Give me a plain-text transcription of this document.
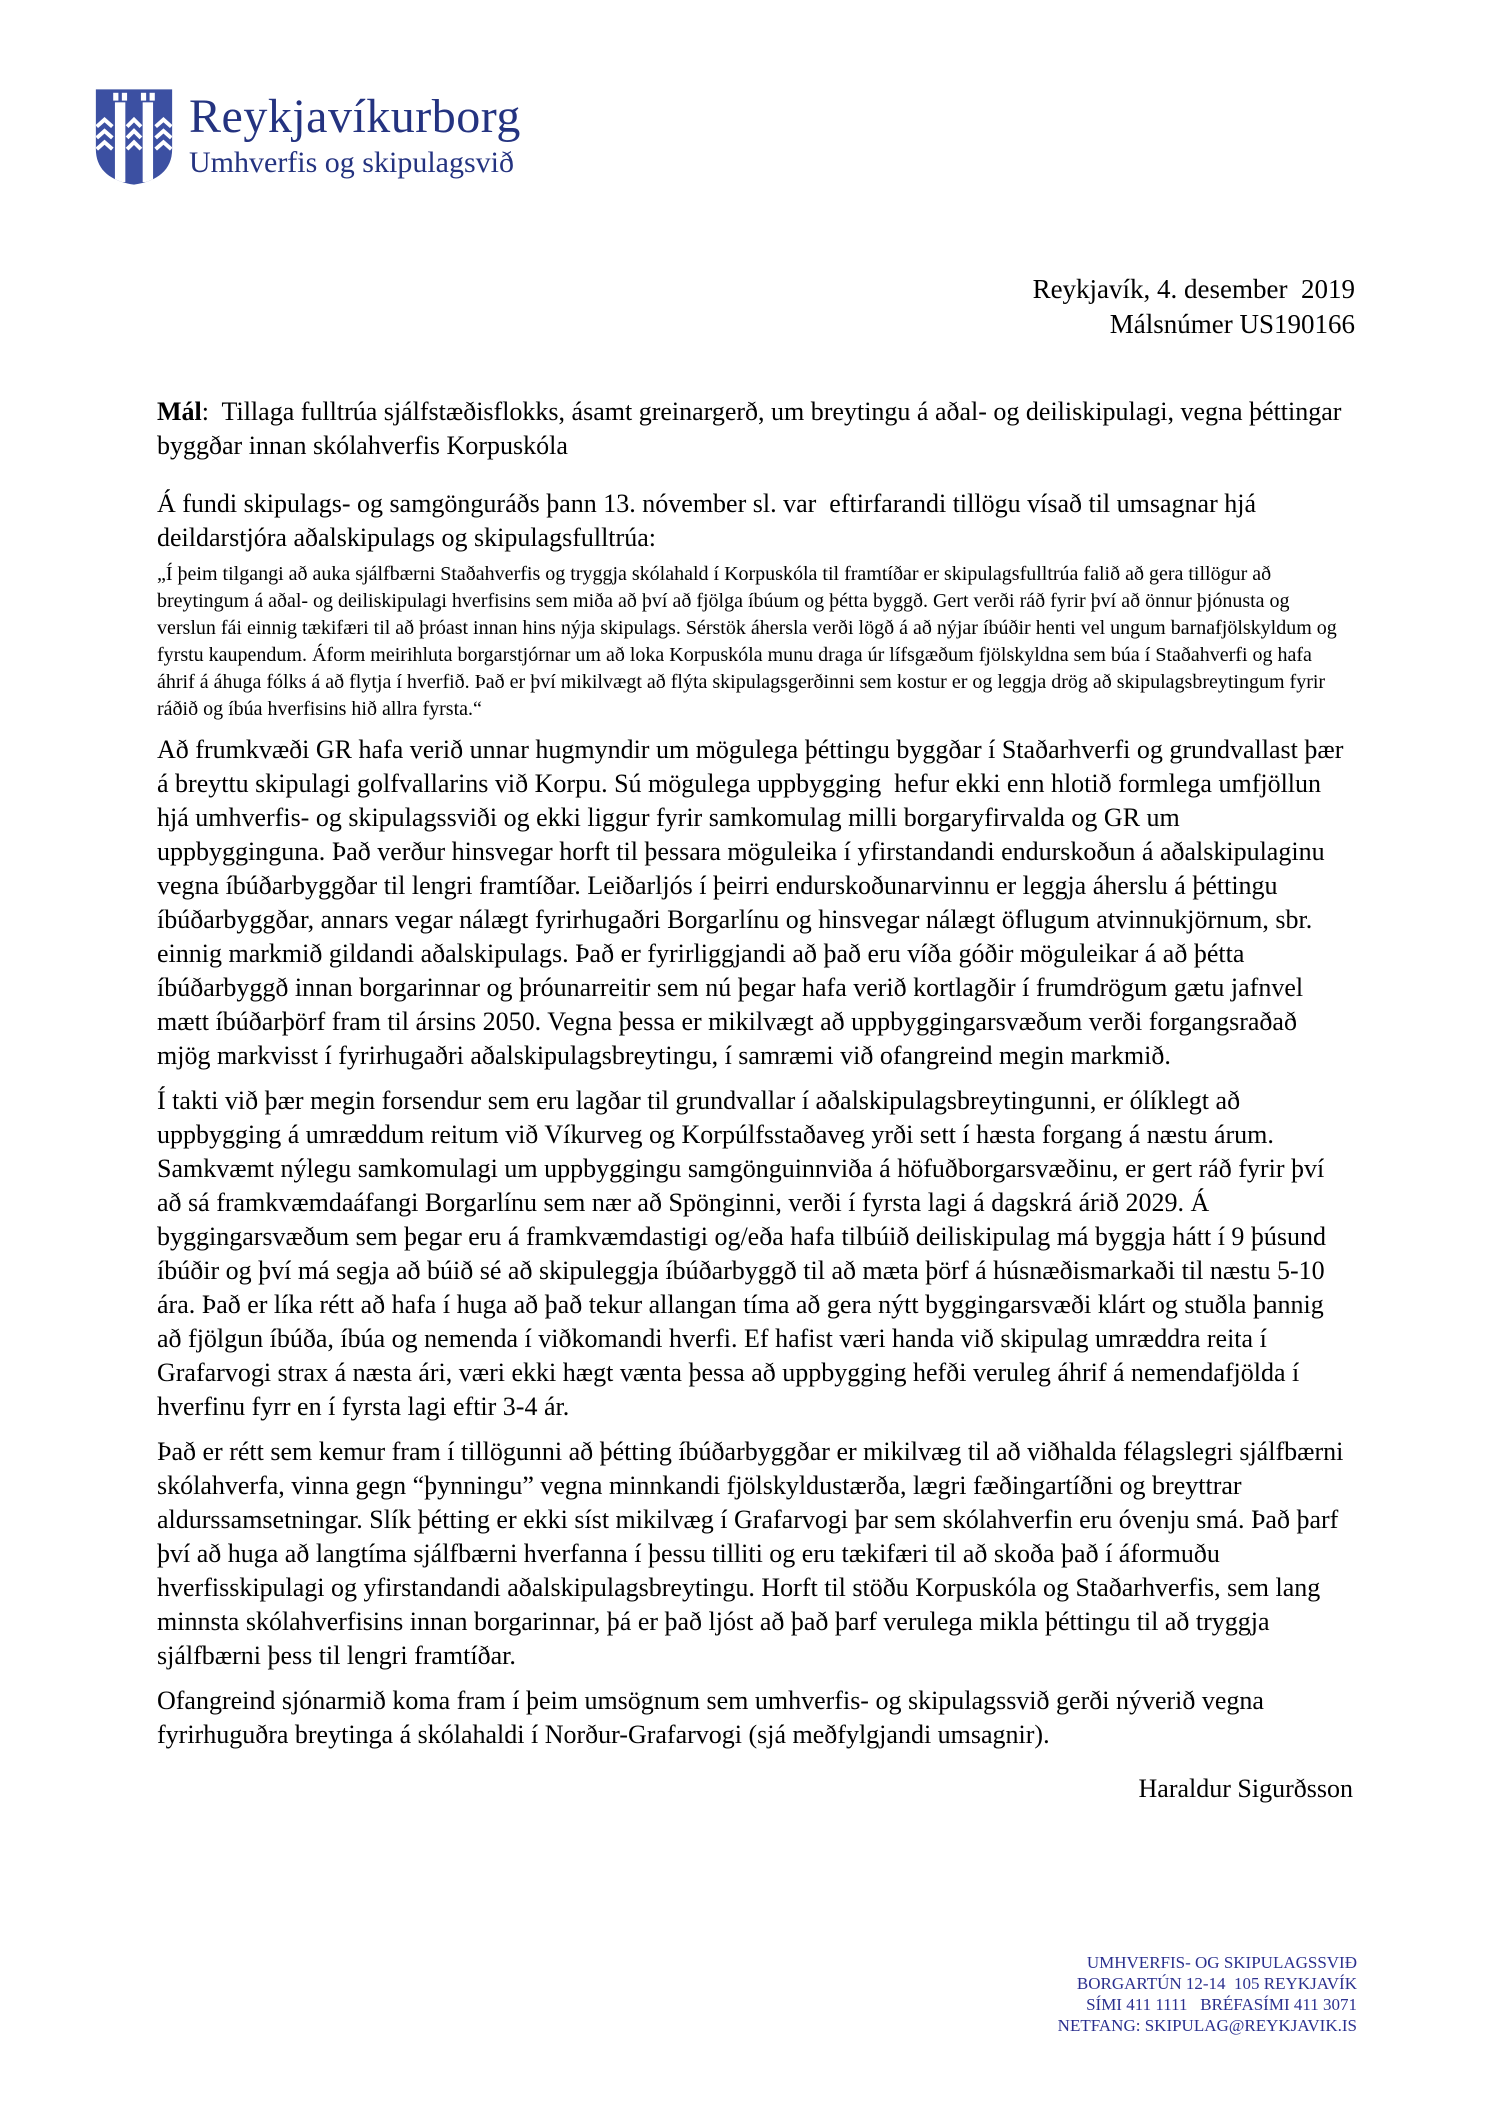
Reykjavíkurborg
Umhverfis og skipulagsvið
Reykjavík, 4. desember  2019
Málsnúmer US190166

Mál:  Tillaga fulltrúa sjálfstæðisflokks, ásamt greinargerð, um breytingu á aðal- og deiliskipulagi, vegna þéttingar byggðar innan skólahverfis Korpuskóla

Á fundi skipulags- og samgönguráðs þann 13. nóvember sl. var  eftirfarandi tillögu vísað til umsagnar hjá deildarstjóra aðalskipulags og skipulagsfulltrúa:

„Í þeim tilgangi að auka sjálfbærni Staðahverfis og tryggja skólahald í Korpuskóla til framtíðar er skipulagsfulltrúa falið að gera tillögur að breytingum á aðal- og deiliskipulagi hverfisins sem miða að því að fjölga íbúum og þétta byggð. Gert verði ráð fyrir því að önnur þjónusta og verslun fái einnig tækifæri til að þróast innan hins nýja skipulags. Sérstök áhersla verði lögð á að nýjar íbúðir henti vel ungum barnafjölskyldum og fyrstu kaupendum. Áform meirihluta borgarstjórnar um að loka Korpuskóla munu draga úr lífsgæðum fjölskyldna sem búa í Staðahverfi og hafa áhrif á áhuga fólks á að flytja í hverfið. Það er því mikilvægt að flýta skipulagsgerðinni sem kostur er og leggja drög að skipulagsbreytingum fyrir ráðið og íbúa hverfisins hið allra fyrsta.“

Að frumkvæði GR hafa verið unnar hugmyndir um mögulega þéttingu byggðar í Staðarhverfi og grundvallast þær á breyttu skipulagi golfvallarins við Korpu. Sú mögulega uppbygging  hefur ekki enn hlotið formlega umfjöllun hjá umhverfis- og skipulagssviði og ekki liggur fyrir samkomulag milli borgaryfirvalda og GR um uppbygginguna. Það verður hinsvegar horft til þessara möguleika í yfirstandandi endurskoðun á aðalskipulaginu vegna íbúðarbyggðar til lengri framtíðar. Leiðarljós í þeirri endurskoðunarvinnu er leggja áherslu á þéttingu íbúðarbyggðar, annars vegar nálægt fyrirhugaðri Borgarlínu og hinsvegar nálægt öflugum atvinnukjörnum, sbr. einnig markmið gildandi aðalskipulags. Það er fyrirliggjandi að það eru víða góðir möguleikar á að þétta íbúðarbyggð innan borgarinnar og þróunarreitir sem nú þegar hafa verið kortlagðir í frumdrögum gætu jafnvel mætt íbúðarþörf fram til ársins 2050. Vegna þessa er mikilvægt að uppbyggingarsvæðum verði forgangsraðað mjög markvisst í fyrirhugaðri aðalskipulagsbreytingu, í samræmi við ofangreind megin markmið.

Í takti við þær megin forsendur sem eru lagðar til grundvallar í aðalskipulagsbreytingunni, er ólíklegt að uppbygging á umræddum reitum við Víkurveg og Korpúlfsstaðaveg yrði sett í hæsta forgang á næstu árum. Samkvæmt nýlegu samkomulagi um uppbyggingu samgönguinnviða á höfuðborgarsvæðinu, er gert ráð fyrir því að sá framkvæmdaáfangi Borgarlínu sem nær að Spönginni, verði í fyrsta lagi á dagskrá árið 2029. Á byggingarsvæðum sem þegar eru á framkvæmdastigi og/eða hafa tilbúið deiliskipulag má byggja hátt í 9 þúsund íbúðir og því má segja að búið sé að skipuleggja íbúðarbyggð til að mæta þörf á húsnæðismarkaði til næstu 5-10 ára. Það er líka rétt að hafa í huga að það tekur allangan tíma að gera nýtt byggingarsvæði klárt og stuðla þannig að fjölgun íbúða, íbúa og nemenda í viðkomandi hverfi. Ef hafist væri handa við skipulag umræddra reita í Grafarvogi strax á næsta ári, væri ekki hægt vænta þessa að uppbygging hefði veruleg áhrif á nemendafjölda í hverfinu fyrr en í fyrsta lagi eftir 3-4 ár.

Það er rétt sem kemur fram í tillögunni að þétting íbúðarbyggðar er mikilvæg til að viðhalda félagslegri sjálfbærni skólahverfa, vinna gegn “þynningu” vegna minnkandi fjölskyldustærða, lægri fæðingartíðni og breyttrar aldurssamsetningar. Slík þétting er ekki síst mikilvæg í Grafarvogi þar sem skólahverfin eru óvenju smá. Það þarf því að huga að langtíma sjálfbærni hverfanna í þessu tilliti og eru tækifæri til að skoða það í áformuðu hverfisskipulagi og yfirstandandi aðalskipulagsbreytingu. Horft til stöðu Korpuskóla og Staðarhverfis, sem lang minnsta skólahverfisins innan borgarinnar, þá er það ljóst að það þarf verulega mikla þéttingu til að tryggja sjálfbærni þess til lengri framtíðar.

Ofangreind sjónarmið koma fram í þeim umsögnum sem umhverfis- og skipulagssvið gerði nýverið vegna fyrirhuguðra breytinga á skólahaldi í Norður-Grafarvogi (sjá meðfylgjandi umsagnir).

Haraldur Sigurðsson

UMHVERFIS- OG SKIPULAGSSVIÐ
BORGARTÚN 12-14  105 REYKJAVÍK
SÍMI 411 1111   BRÉFASÍMI 411 3071
NETFANG: SKIPULAG@REYKJAVIK.IS
